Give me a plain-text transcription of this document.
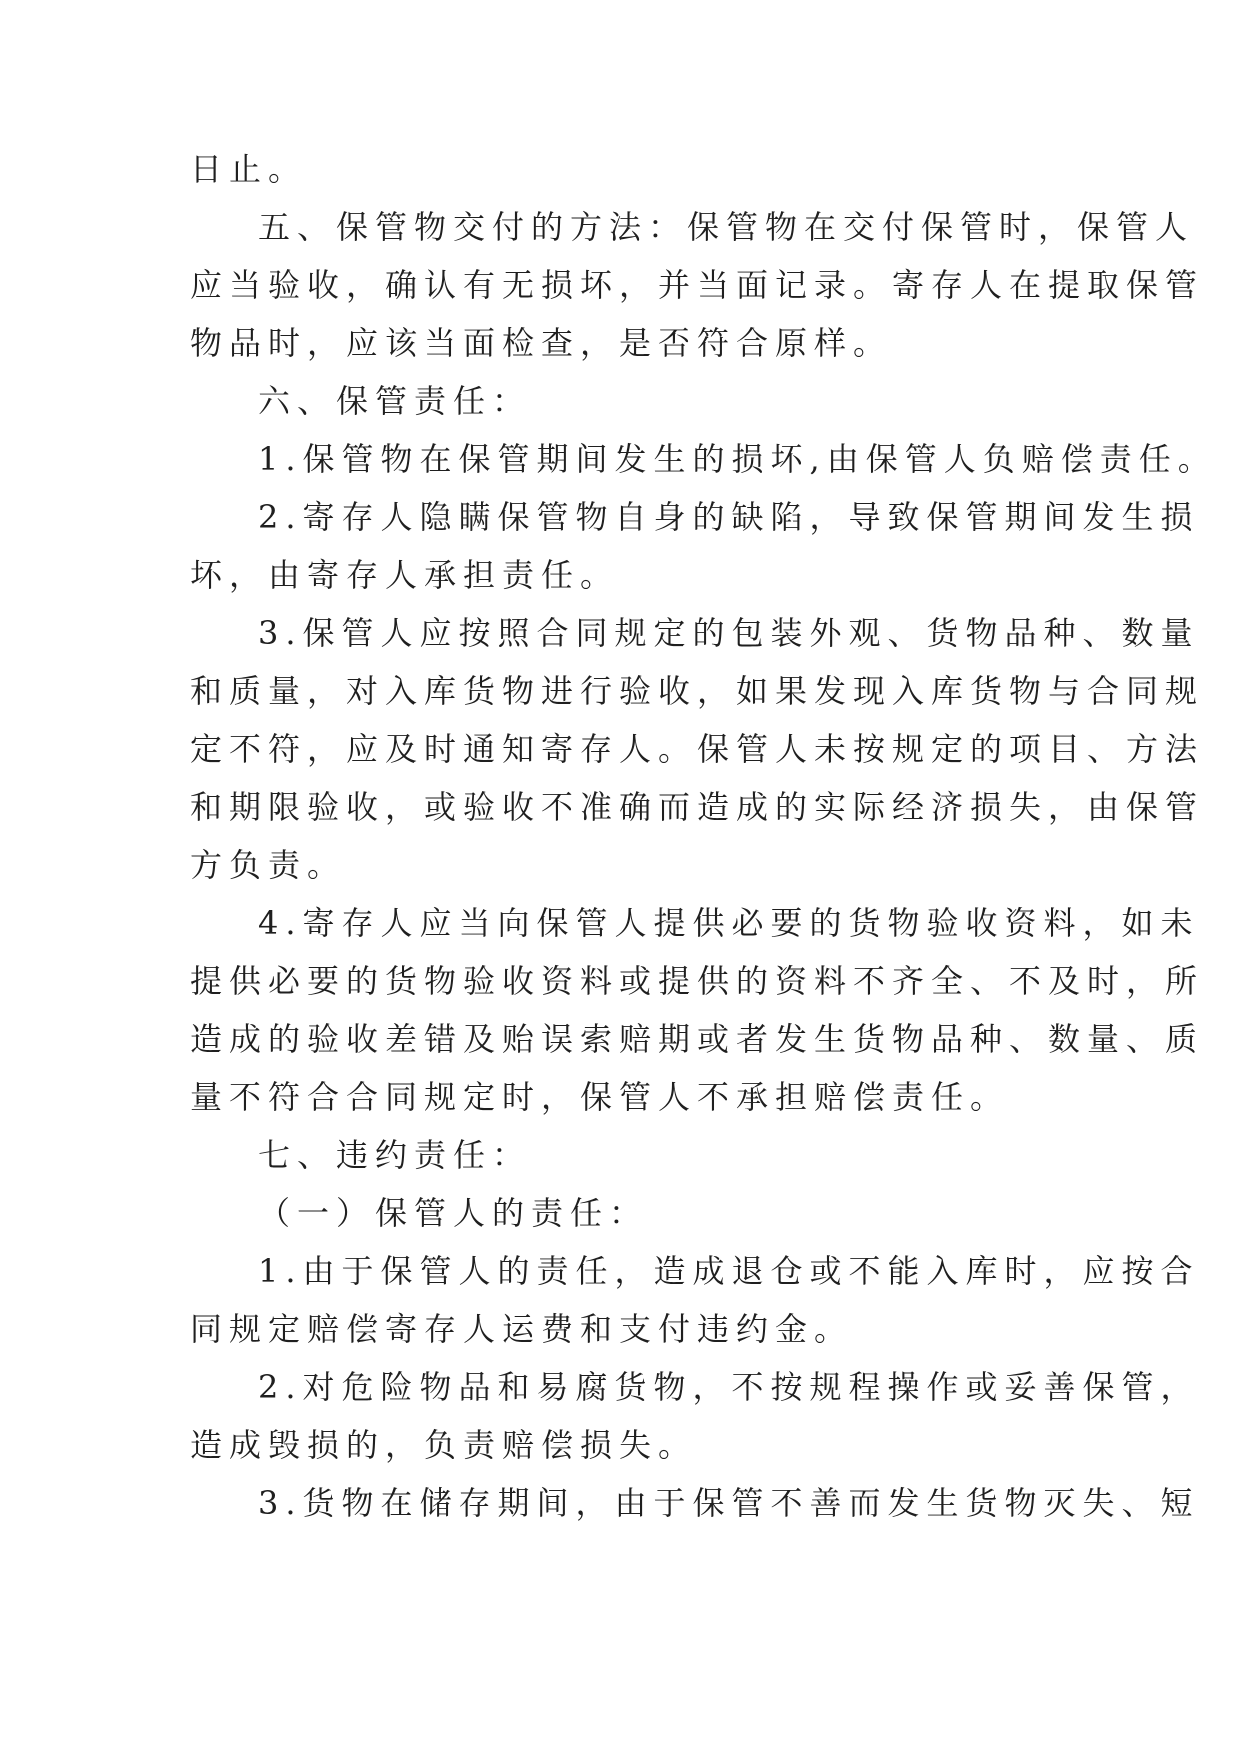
日止。
五、保管物交付的方法：保管物在交付保管时，保管人
应当验收，确认有无损坏，并当面记录。寄存人在提取保管
物品时，应该当面检查，是否符合原样。
六、保管责任：
1.保管物在保管期间发生的损坏,由保管人负赔偿责任。
2.寄存人隐瞒保管物自身的缺陷，导致保管期间发生损
坏，由寄存人承担责任。
3.保管人应按照合同规定的包装外观、货物品种、数量
和质量，对入库货物进行验收，如果发现入库货物与合同规
定不符，应及时通知寄存人。保管人未按规定的项目、方法
和期限验收，或验收不准确而造成的实际经济损失，由保管
方负责。
4.寄存人应当向保管人提供必要的货物验收资料，如未
提供必要的货物验收资料或提供的资料不齐全、不及时，所
造成的验收差错及贻误索赔期或者发生货物品种、数量、质
量不符合合同规定时，保管人不承担赔偿责任。
七、违约责任：
（一）保管人的责任：
1.由于保管人的责任，造成退仓或不能入库时，应按合
同规定赔偿寄存人运费和支付违约金。
2.对危险物品和易腐货物，不按规程操作或妥善保管，
造成毁损的，负责赔偿损失。
3.货物在储存期间，由于保管不善而发生货物灭失、短
